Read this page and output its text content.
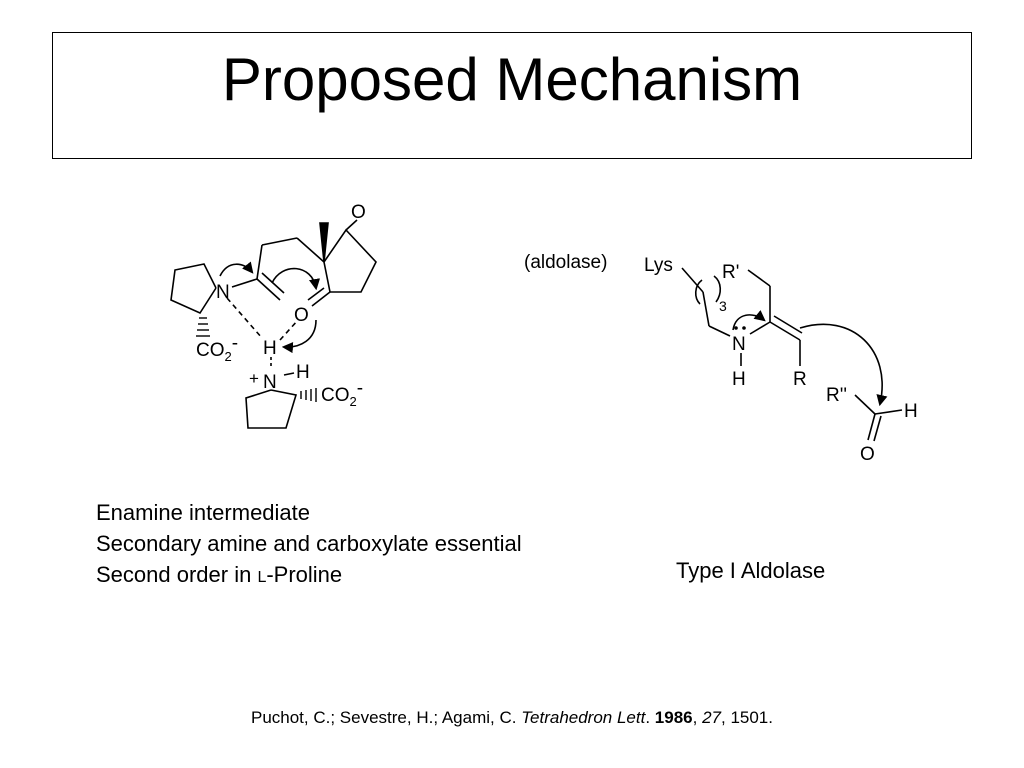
Proposed Mechanism
O
O
N
H
$CO_2-$
+ N H
$CO_2-$
(aldolase) Lys	R'
3
N
H R
R''
H
O
Enamine intermediate
Secondary amine and carboxylate essential
Second order in L-Proline	Type I Aldolase
Puchot, C.; Sevestre, H.; Agami, C. Tetrahedron Lett. 1986, 27, 1501.
